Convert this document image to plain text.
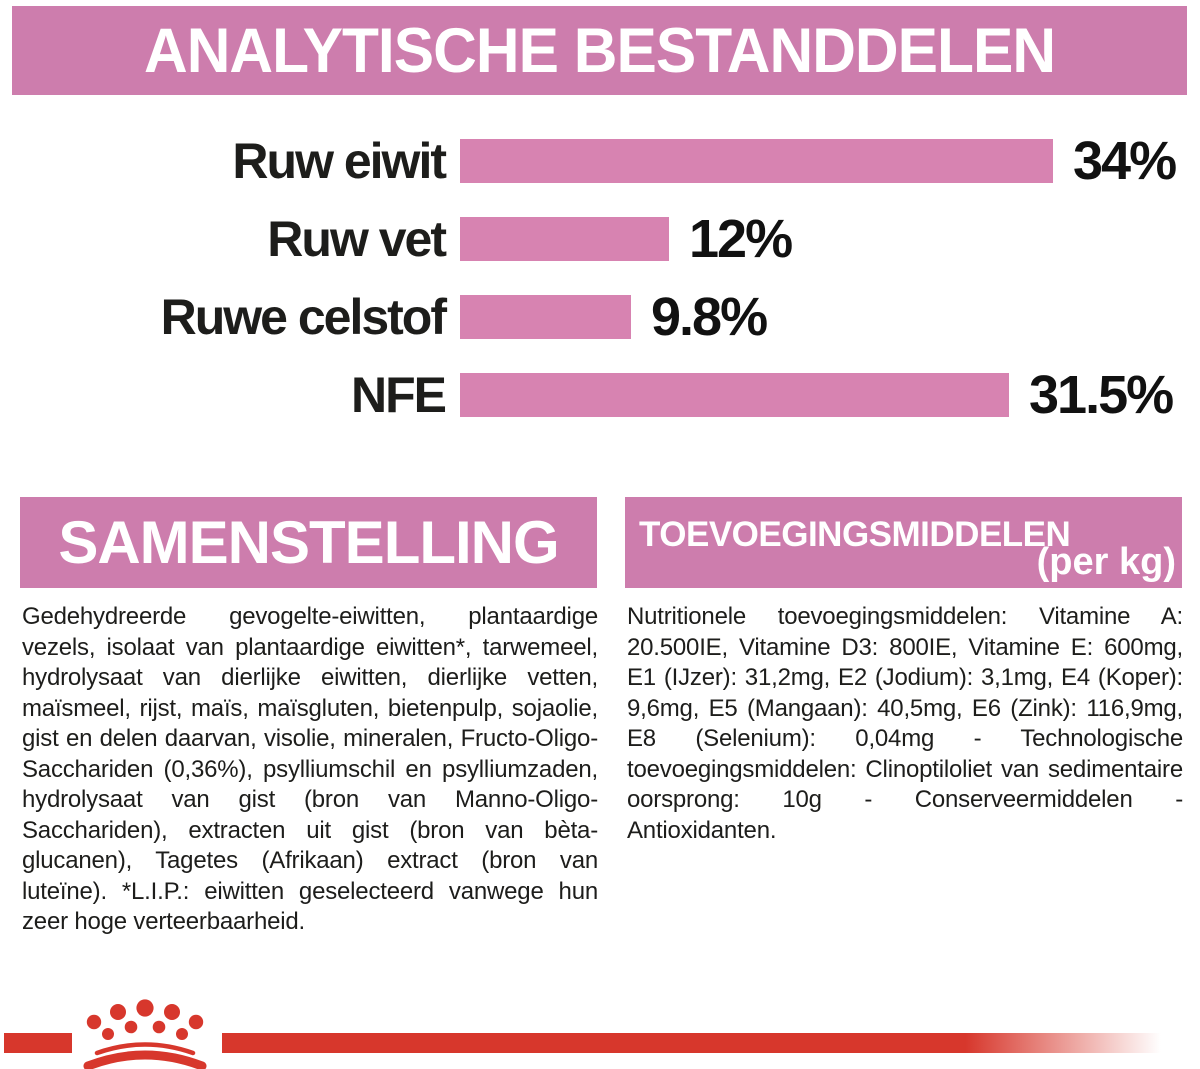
ANALYTISCHE BESTANDDELEN
Ruw eiwit	34%
Ruw vet	12%
Ruwe celstof	9.8%
NFE	31.5%
SAMENSTELLING
Gedehydreerde gevogelte-eiwitten, plantaardige vezels, isolaat van plantaardige eiwitten*, tarwemeel, hydrolysaat van dierlijke eiwitten, dierlijke vetten, maïsmeel, rijst, maïs, maïsgluten, bietenpulp, sojaolie, gist en delen daarvan, visolie, mineralen, Fructo-Oligo-Sacchariden (0,36%), psylliumschil en psylliumzaden, hydrolysaat van gist (bron van Manno-Oligo-Sacchariden), extracten uit gist (bron van bèta-glucanen), Tagetes (Afrikaan) extract (bron van luteïne). *L.I.P.: eiwitten geselecteerd vanwege hun zeer hoge verteerbaarheid.
TOEVOEGINGSMIDDELEN
(per kg)
Nutritionele toevoegingsmiddelen: Vitamine A: 20.500IE, Vitamine D3: 800IE, Vitamine E: 600mg, E1 (IJzer): 31,2mg, E2 (Jodium): 3,1mg, E4 (Koper): 9,6mg, E5 (Mangaan): 40,5mg, E6 (Zink): 116,9mg, E8 (Selenium): 0,04mg - Technologische toevoegingsmiddelen: Clinoptiloliet van sedimentaire oorsprong: 10g - Conserveermiddelen - Antioxidanten.
